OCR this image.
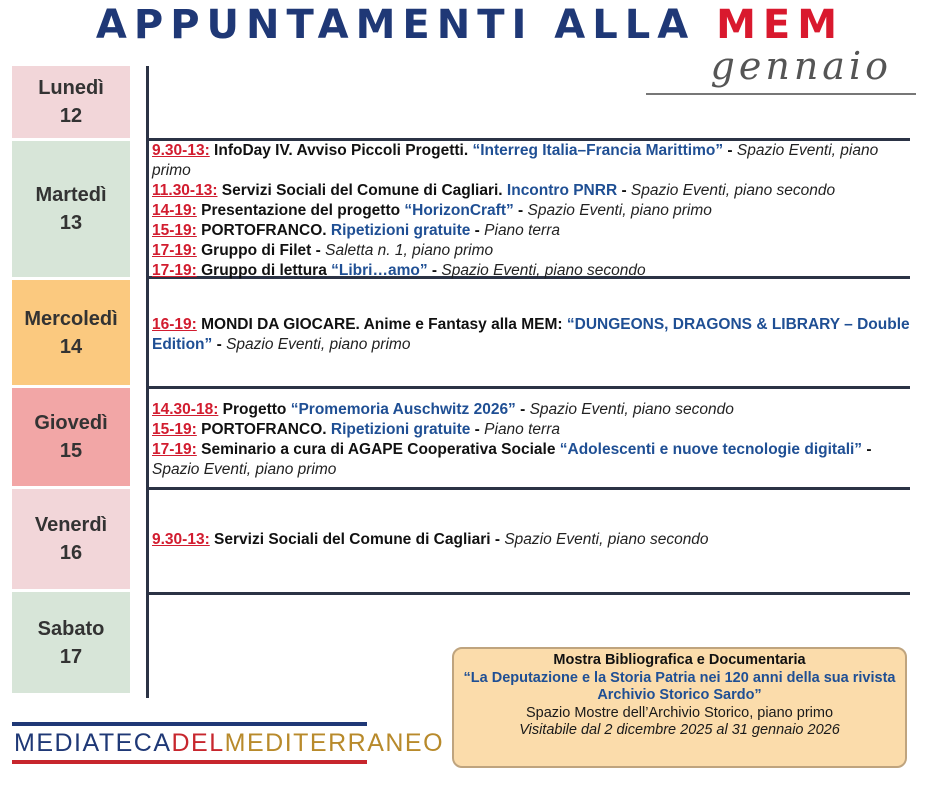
APPUNTAMENTI ALLA MEM
gennaio
Lunedì
12
Martedì
13
Mercoledì
14
Giovedì
15
Venerdì
16
Sabato
17

9.30-13: InfoDay IV. Avviso Piccoli Progetti. “Interreg Italia–Francia Marittimo” - Spazio Eventi, piano primo

11.30-13: Servizi Sociali del Comune di Cagliari. Incontro PNRR - Spazio Eventi, piano secondo

14-19: Presentazione del progetto “HorizonCraft” - Spazio Eventi, piano primo

15-19: PORTOFRANCO. Ripetizioni gratuite - Piano terra

17-19: Gruppo di Filet - Saletta n. 1, piano primo

17-19: Gruppo di lettura “Libri…amo” - Spazio Eventi, piano secondo

16-19: MONDI DA GIOCARE. Anime e Fantasy alla MEM: “DUNGEONS, DRAGONS & LIBRARY – Double Edition” - Spazio Eventi, piano primo

14.30-18: Progetto “Promemoria Auschwitz 2026” - Spazio Eventi, piano secondo

15-19: PORTOFRANCO. Ripetizioni gratuite - Piano terra

17-19: Seminario a cura di AGAPE Cooperativa Sociale “Adolescenti e nuove tecnologie digitali” - Spazio Eventi, piano primo

9.30-13: Servizi Sociali del Comune di Cagliari - Spazio Eventi, piano secondo

MEDIATECADELMEDITERRANEO
Mostra Bibliografica e Documentaria
“La Deputazione e la Storia Patria nei 120 anni della sua rivista
Archivio Storico Sardo”
Spazio Mostre dell’Archivio Storico, piano primo
Visitabile dal 2 dicembre 2025 al 31 gennaio 2026
